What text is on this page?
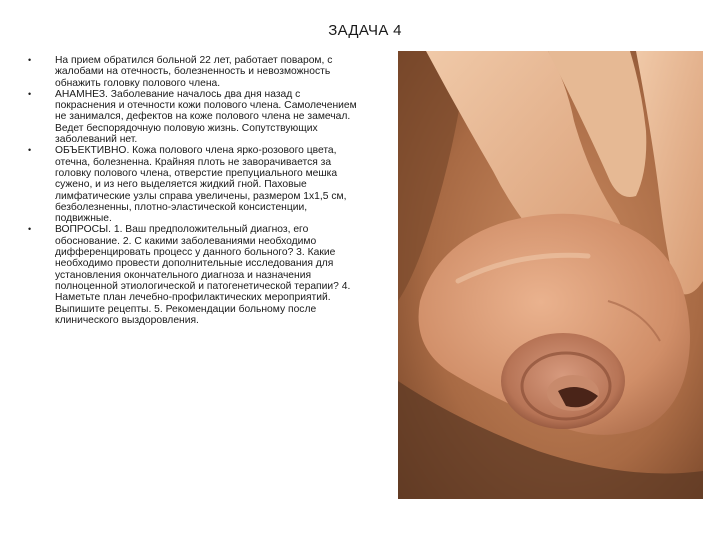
ЗАДАЧА 4
• На прием обратился больной 22 лет, работает поваром, с жалобами на отечность, болезненность и невозможность обнажить головку полового члена.
• АНАМНЕЗ. Заболевание началось два дня назад с покраснения и отечности кожи полового члена. Самолечением не занимался, дефектов на коже полового члена не замечал. Ведет беспорядочную половую жизнь. Сопутствующих заболеваний нет.
• ОБЪЕКТИВНО. Кожа полового члена ярко-розового цвета, отечна, болезненна. Крайняя плоть не заворачивается за головку полового члена, отверстие препуциального мешка сужено, и из него выделяется жидкий гной. Паховые лимфатические узлы справа увеличены, размером 1х1,5 см, безболезненны, плотно-эластической консистенции, подвижные.
• ВОПРОСЫ. 1. Ваш предположительный диагноз, его обоснование. 2. С какими заболеваниями необходимо дифференцировать процесс у данного больного? 3. Какие необходимо провести дополнительные исследования для установления окончательного диагноза и назначения полноценной этиологической и патогенетической терапии? 4. Наметьте план лечебно-профилактических мероприятий. Выпишите рецепты. 5. Рекомендации больному после клинического выздоровления.
